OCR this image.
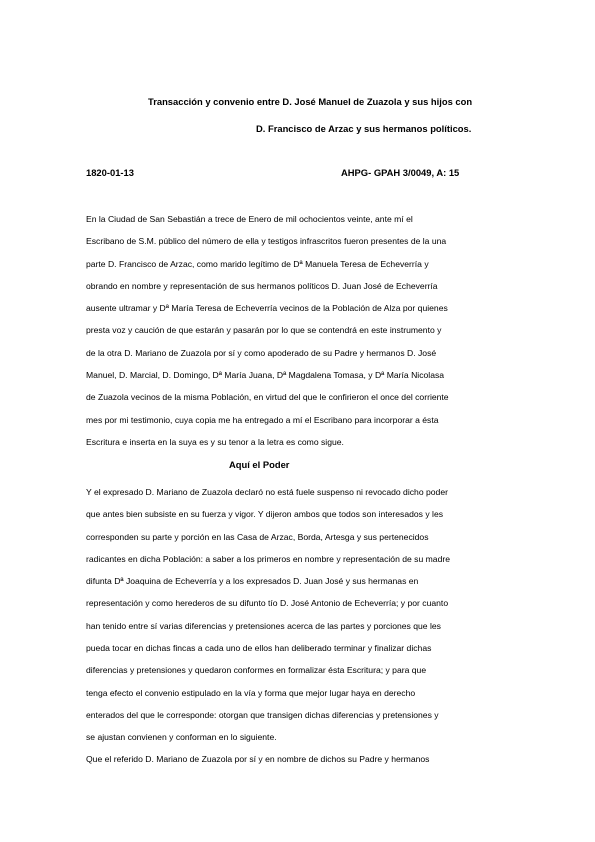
Transacción y convenio entre D. José Manuel de Zuazola y sus hijos con
D. Francisco de Arzac y sus hermanos políticos.
1820-01-13	AHPG- GPAH 3/0049, A: 15
En la Ciudad de San Sebastián a trece de Enero de mil ochocientos veinte, ante mí el
Escribano de S.M. público del número de ella y testigos infrascritos fueron presentes de la una
parte D. Francisco de Arzac, como marido legítimo de Dª Manuela Teresa de Echeverría y
obrando en nombre y representación de sus hermanos políticos D. Juan José de Echeverría
ausente ultramar y Dª María Teresa de Echeverría vecinos de la Población de Alza por quienes
presta voz y caución de que estarán y pasarán por lo que se contendrá en este instrumento y
de la otra D. Mariano de Zuazola por sí y como apoderado de su Padre y hermanos D. José
Manuel, D. Marcial, D. Domingo, Dª María Juana, Dª Magdalena Tomasa, y Dª María Nicolasa
de Zuazola vecinos de la misma Población, en virtud del que le confirieron el once del corriente
mes por mi testimonio, cuya copia me ha entregado a mí el Escribano para incorporar a ésta
Escritura e inserta en la suya es y su tenor a la letra es como sigue.
Aquí el Poder
Y el expresado D. Mariano de Zuazola declaró no está fuele suspenso ni revocado dicho poder
que antes bien subsiste en su fuerza y vigor. Y dijeron ambos que todos son interesados y les
corresponden su parte y porción en las Casa de Arzac, Borda, Artesga y sus pertenecidos
radicantes en dicha Población: a saber a los primeros en nombre y representación de su madre
difunta Dª Joaquina de Echeverría y a los expresados D. Juan José y sus hermanas en
representación y como herederos de su difunto tío D. José Antonio de Echeverría; y por cuanto
han tenido entre sí varias diferencias y pretensiones acerca de las partes y porciones que les
pueda tocar en dichas fincas a cada uno de ellos han deliberado terminar y finalizar dichas
diferencias y pretensiones y quedaron conformes en formalizar ésta Escritura; y para que
tenga efecto el convenio estipulado en la vía y forma que mejor lugar haya en derecho
enterados del que le corresponde: otorgan que transigen dichas diferencias y pretensiones y
se ajustan convienen y conforman en lo siguiente.
Que el referido D. Mariano de Zuazola por sí y en nombre de dichos su Padre y hermanos
